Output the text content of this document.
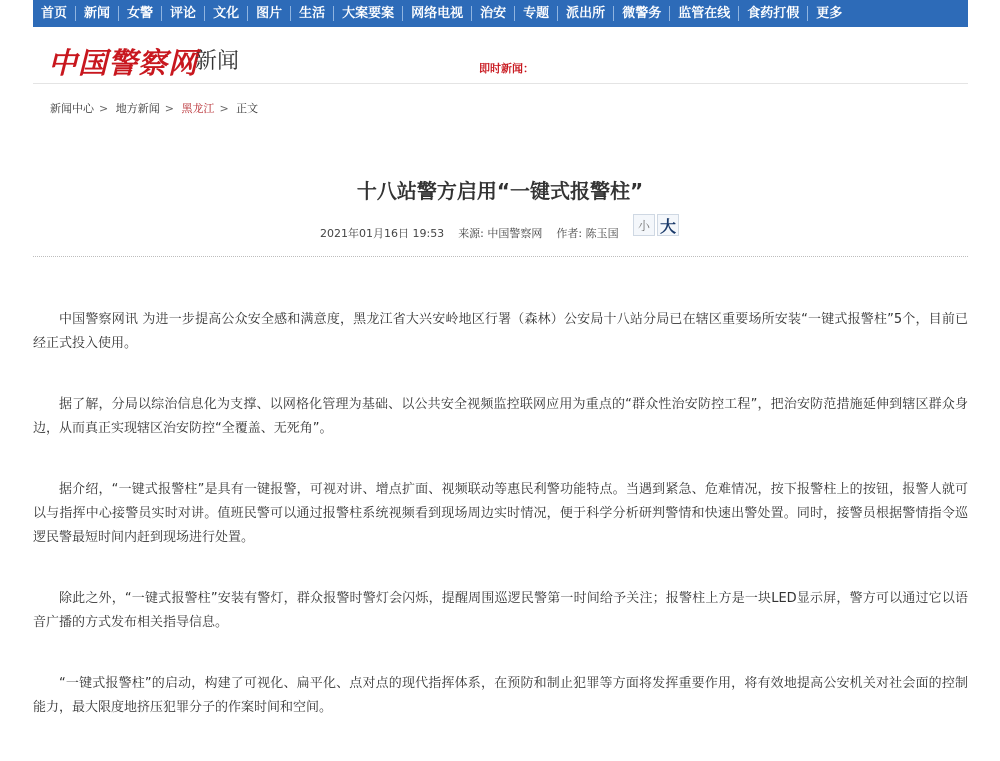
首页	新闻	女警	评论	文化	图片	生活	大案要案	网络电视	治安	专题	派出所	微警务	监管在线	食药打假	更多
中国警察网
新闻	即时新闻：
新闻中心 > 地方新闻 > 黑龙江 > 正文
十八站警方启用“一键式报警柱”
2021年01月16日 19:53 来源: 中国警察网 作者: 陈玉国
小 大

中国警察网讯 为进一步提高公众安全感和满意度，黑龙江省大兴安岭地区行署（森林）公安局十八站分局已在辖区重要场所安装“一键式报警柱”5个，目前已经正式投入使用。

据了解，分局以综治信息化为支撑、以网格化管理为基础、以公共安全视频监控联网应用为重点的“群众性治安防控工程”，把治安防范措施延伸到辖区群众身边，从而真正实现辖区治安防控“全覆盖、无死角”。

据介绍，“一键式报警柱”是具有一键报警，可视对讲、增点扩面、视频联动等惠民利警功能特点。当遇到紧急、危难情况，按下报警柱上的按钮，报警人就可以与指挥中心接警员实时对讲。值班民警可以通过报警柱系统视频看到现场周边实时情况，便于科学分析研判警情和快速出警处置。同时，接警员根据警情指令巡逻民警最短时间内赶到现场进行处置。

除此之外，“一键式报警柱”安装有警灯，群众报警时警灯会闪烁，提醒周围巡逻民警第一时间给予关注；报警柱上方是一块LED显示屏，警方可以通过它以语音广播的方式发布相关指导信息。

“一键式报警柱”的启动，构建了可视化、扁平化、点对点的现代指挥体系，在预防和制止犯罪等方面将发挥重要作用，将有效地提高公安机关对社会面的控制能力，最大限度地挤压犯罪分子的作案时间和空间。
